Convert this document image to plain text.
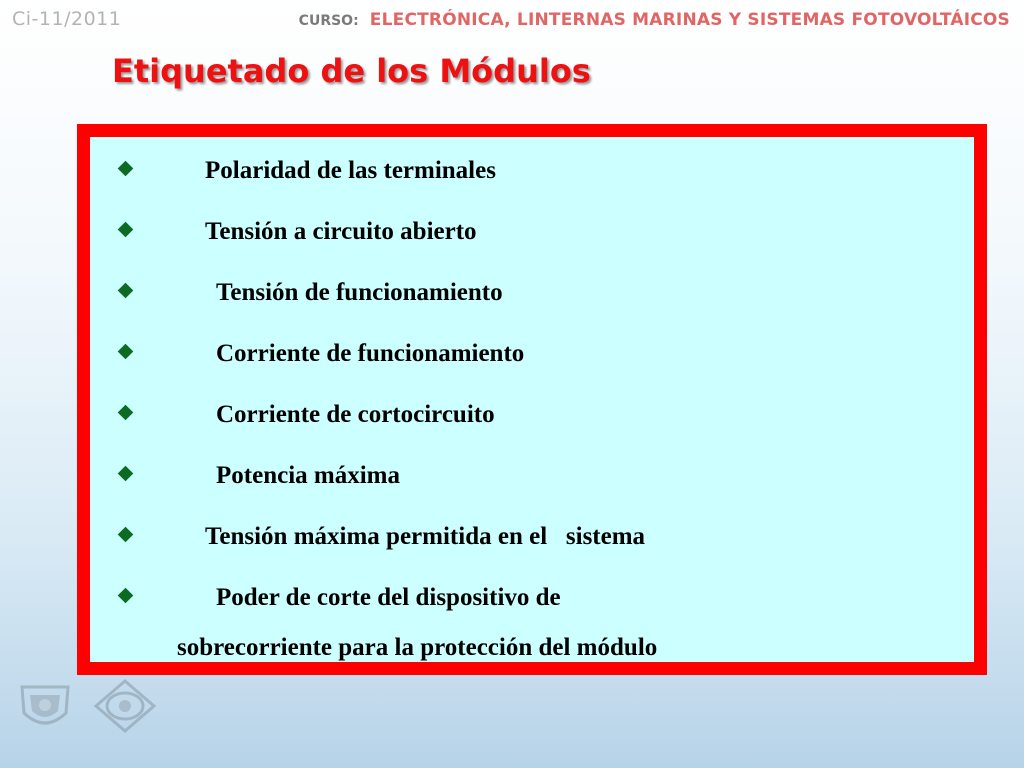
Ci-11/2011	CURSO: ELECTRÓNICA, LINTERNAS MARINAS Y SISTEMAS FOTOVOLTÁICOS
Etiquetado de los Módulos
Polaridad de las terminales
Tensión a circuito abierto
Tensión de funcionamiento
Corriente de funcionamiento
Corriente de cortocircuito
Potencia máxima
Tensión máxima permitida en el   sistema
Poder de corte del dispositivo de
sobrecorriente para la protección del módulo
